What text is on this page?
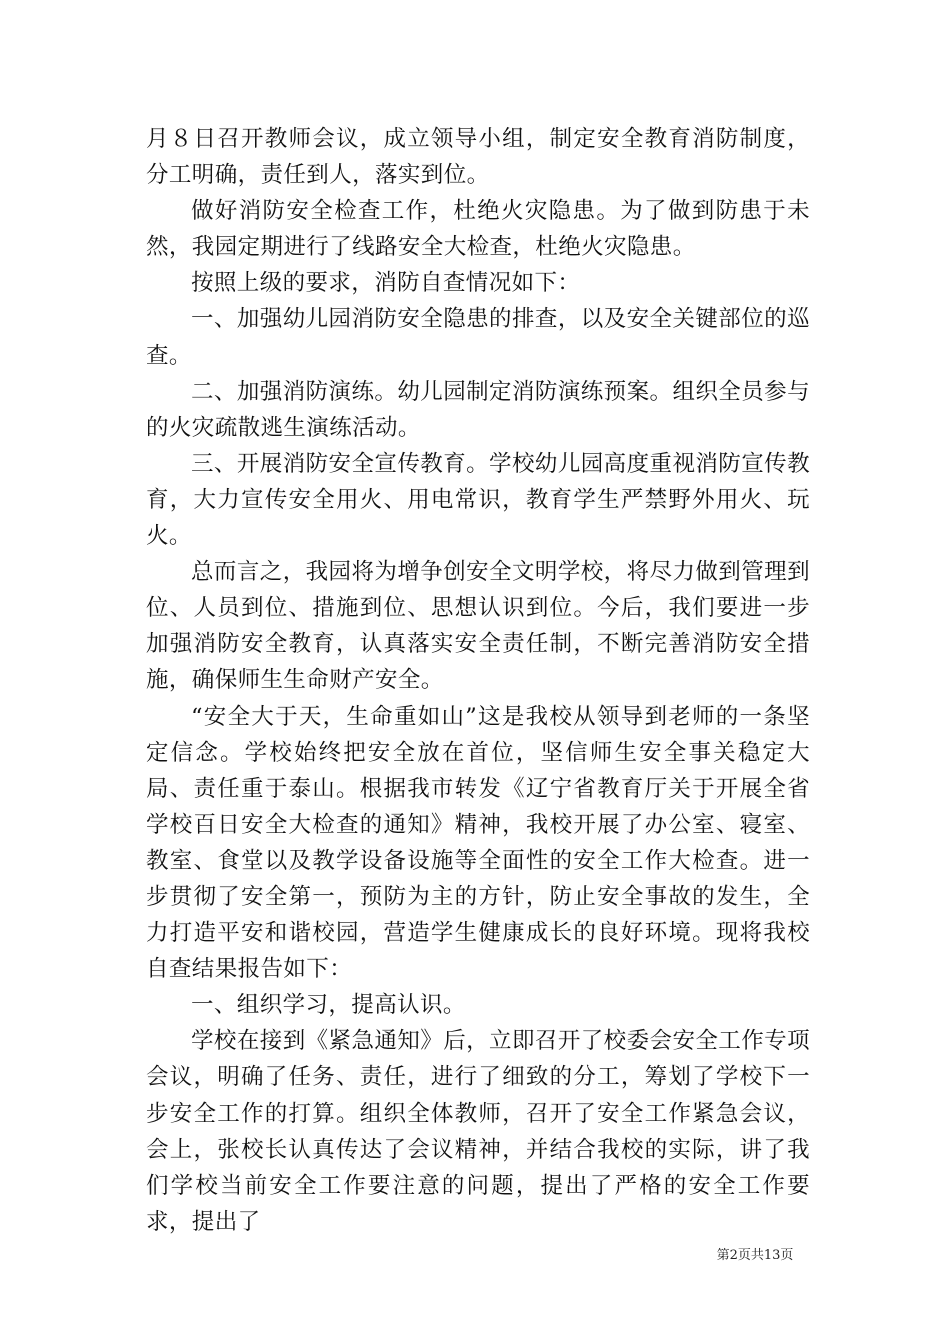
月８日召开教师会议，成立领导小组，制定安全教育消防制度，分工明确，责任到人，落实到位。

做好消防安全检查工作，杜绝火灾隐患。为了做到防患于未然，我园定期进行了线路安全大检查，杜绝火灾隐患。

按照上级的要求，消防自查情况如下：

一、加强幼儿园消防安全隐患的排查，以及安全关键部位的巡查。

二、加强消防演练。幼儿园制定消防演练预案。组织全员参与的火灾疏散逃生演练活动。

三、开展消防安全宣传教育。学校幼儿园高度重视消防宣传教育，大力宣传安全用火、用电常识，教育学生严禁野外用火、玩火。

总而言之，我园将为增争创安全文明学校，将尽力做到管理到位、人员到位、措施到位、思想认识到位。今后，我们要进一步加强消防安全教育，认真落实安全责任制，不断完善消防安全措施，确保师生生命财产安全。

“安全大于天，生命重如山”这是我校从领导到老师的一条坚定信念。学校始终把安全放在首位，坚信师生安全事关稳定大局、责任重于泰山。根据我市转发《辽宁省教育厅关于开展全省学校百日安全大检查的通知》精神，我校开展了办公室、寝室、教室、食堂以及教学设备设施等全面性的安全工作大检查。进一步贯彻了安全第一，预防为主的方针，防止安全事故的发生，全力打造平安和谐校园，营造学生健康成长的良好环境。现将我校自查结果报告如下：

一、组织学习，提高认识。

学校在接到《紧急通知》后，立即召开了校委会安全工作专项会议，明确了任务、责任，进行了细致的分工，筹划了学校下一步安全工作的打算。组织全体教师，召开了安全工作紧急会议，会上，张校长认真传达了会议精神，并结合我校的实际，讲了我们学校当前安全工作要注意的问题，提出了严格的安全工作要求，提出了

第2页共13页
